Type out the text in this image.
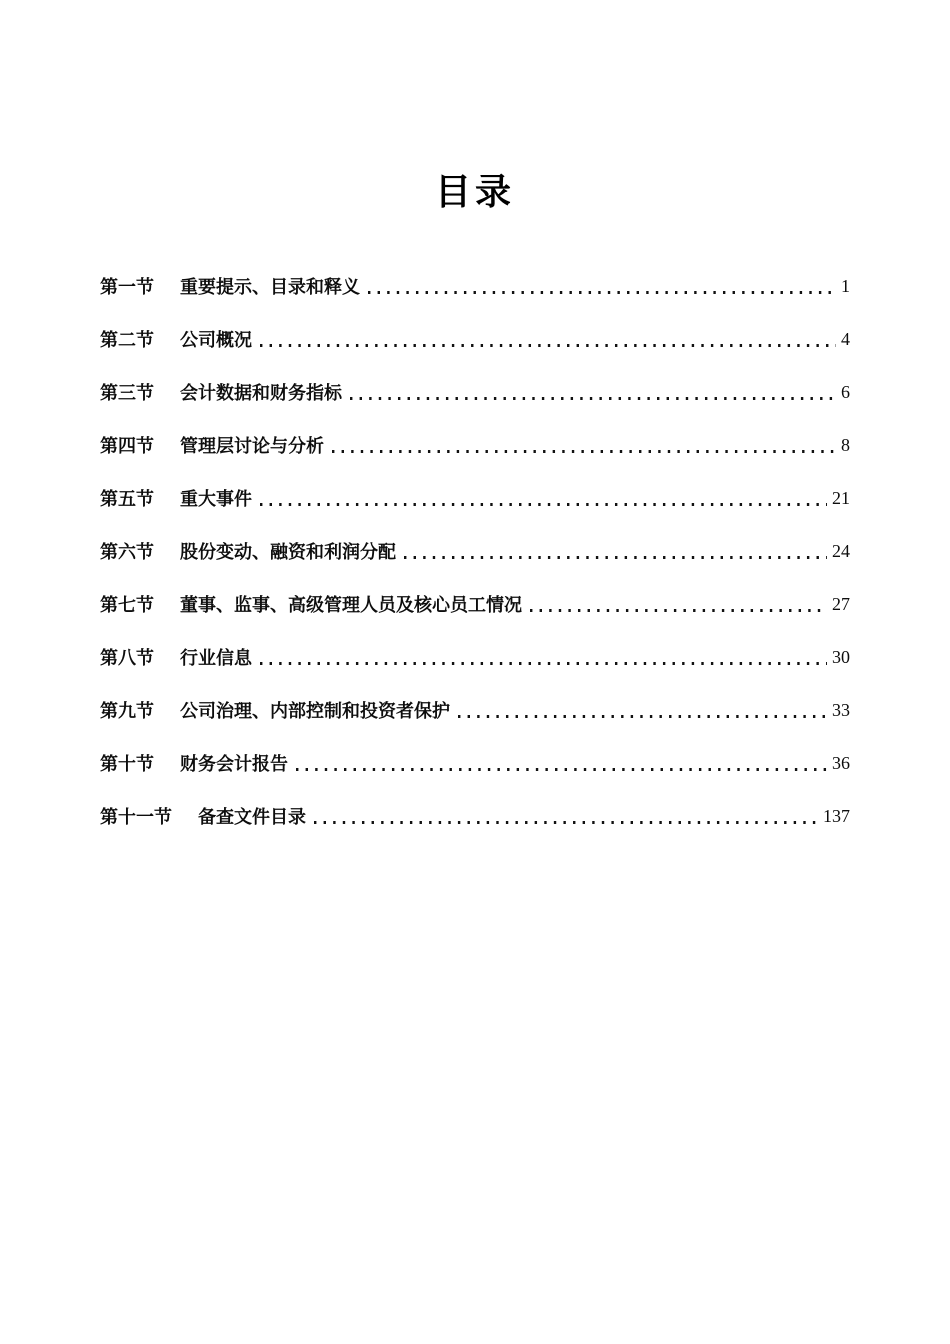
目录
第一节 重要提示、目录和释义	1
第二节 公司概况	4
第三节 会计数据和财务指标	6
第四节 管理层讨论与分析	8
第五节 重大事件	21
第六节 股份变动、融资和利润分配	24
第七节 董事、监事、高级管理人员及核心员工情况	27
第八节 行业信息	30
第九节 公司治理、内部控制和投资者保护	33
第十节 财务会计报告	36
第十一节 备查文件目录	137
